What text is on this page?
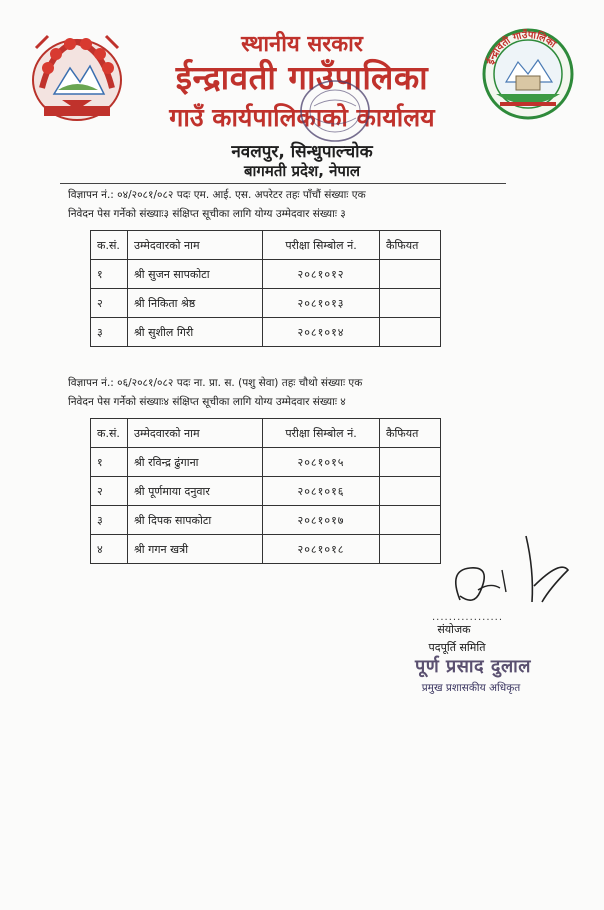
स्थानीय सरकार
ईन्द्रावती गाउँपालिका
गाउँ कार्यपालिकाको कार्यालय
नवलपुर, सिन्धुपाल्चोक
बागमती प्रदेश, नेपाल
ईन्द्रावती गाउँपालिका
विज्ञापन नं.: ०४/२०८१/०८२ पदः एम. आई. एस. अपरेटर तहः पाँचौं संख्याः एक
निवेदन पेस गर्नेको संख्याः३ संक्षिप्त सूचीका लागि योग्य उम्मेदवार संख्याः ३
क.सं.	उम्मेदवारको नाम	परीक्षा सिम्बोल नं.	कैफियत
१	श्री सुजन सापकोटा	२०८१०१२	
२	श्री निकिता श्रेष्ठ	२०८१०१३	
३	श्री सुशील गिरी	२०८१०१४	
विज्ञापन नं.: ०६/२०८१/०८२ पदः ना. प्रा. स. (पशु सेवा) तहः चौथो संख्याः एक
निवेदन पेस गर्नेको संख्याः४ संक्षिप्त सूचीका लागि योग्य उम्मेदवार संख्याः ४
क.सं.	उम्मेदवारको नाम	परीक्षा सिम्बोल नं.	कैफियत
१	श्री रविन्द्र ढुंगाना	२०८१०१५	
२	श्री पूर्णमाया दनुवार	२०८१०१६	
३	श्री दिपक सापकोटा	२०८१०१७	
४	श्री गगन खत्री	२०८१०१८	
.................
संयोजक
पदपूर्ति समिति
पूर्ण प्रसाद दुलाल
प्रमुख प्रशासकीय अधिकृत
